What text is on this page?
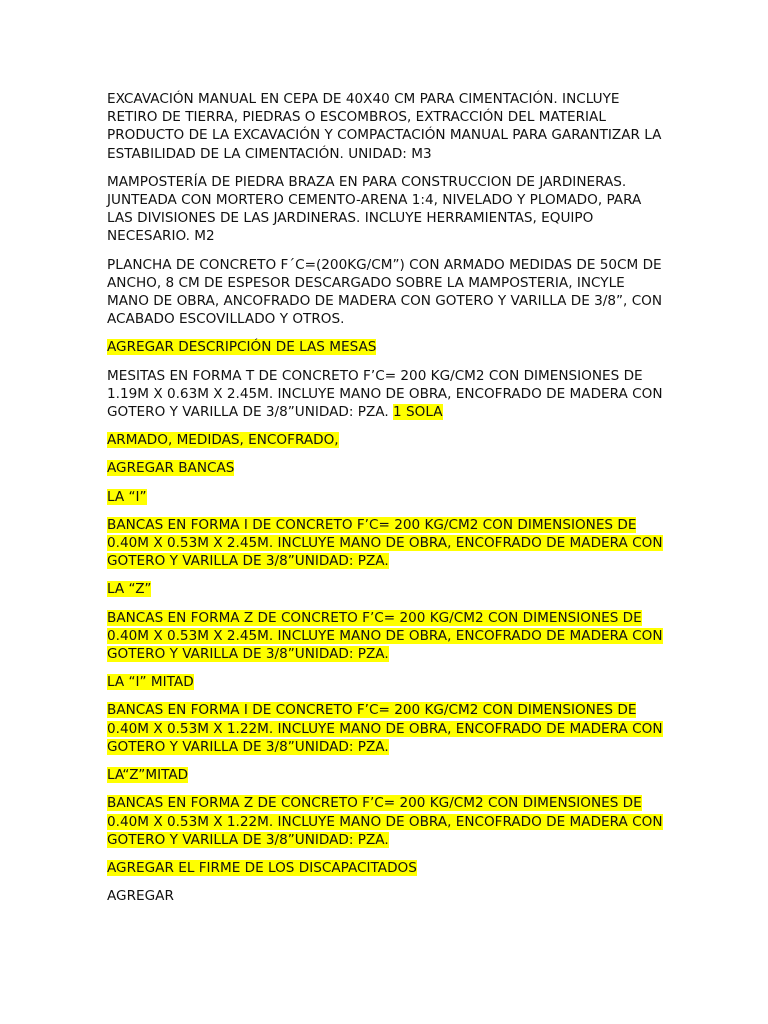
EXCAVACIÓN MANUAL EN CEPA DE 40X40 CM PARA CIMENTACIÓN. INCLUYE RETIRO DE TIERRA, PIEDRAS O ESCOMBROS, EXTRACCIÓN DEL MATERIAL PRODUCTO DE LA EXCAVACIÓN Y COMPACTACIÓN MANUAL PARA GARANTIZAR LA ESTABILIDAD DE LA CIMENTACIÓN. UNIDAD: M3

MAMPOSTERÍA DE PIEDRA BRAZA EN PARA CONSTRUCCION DE JARDINERAS. JUNTEADA CON MORTERO CEMENTO-ARENA 1:4, NIVELADO Y PLOMADO, PARA LAS DIVISIONES DE LAS JARDINERAS. INCLUYE HERRAMIENTAS, EQUIPO NECESARIO. M2

PLANCHA DE CONCRETO F´C=(200KG/CM”) CON ARMADO MEDIDAS DE 50CM DE ANCHO, 8 CM DE ESPESOR DESCARGADO SOBRE LA MAMPOSTERIA, INCYLE MANO DE OBRA, ANCOFRADO DE MADERA CON GOTERO Y VARILLA DE 3/8”, CON ACABADO ESCOVILLADO Y OTROS.

AGREGAR DESCRIPCIÓN DE LAS MESAS

MESITAS EN FORMA T DE CONCRETO F’C= 200 KG/CM2 CON DIMENSIONES DE 1.19M X 0.63M X 2.45M. INCLUYE MANO DE OBRA, ENCOFRADO DE MADERA CON GOTERO Y VARILLA DE 3/8”UNIDAD: PZA. 1 SOLA

ARMADO, MEDIDAS, ENCOFRADO,

AGREGAR BANCAS

LA “I”

BANCAS EN FORMA I DE CONCRETO F’C= 200 KG/CM2 CON DIMENSIONES DE 0.40M X 0.53M X 2.45M. INCLUYE MANO DE OBRA, ENCOFRADO DE MADERA CON GOTERO Y VARILLA DE 3/8”UNIDAD: PZA.

LA “Z”

BANCAS EN FORMA Z DE CONCRETO F’C= 200 KG/CM2 CON DIMENSIONES DE 0.40M X 0.53M X 2.45M. INCLUYE MANO DE OBRA, ENCOFRADO DE MADERA CON GOTERO Y VARILLA DE 3/8”UNIDAD: PZA.

LA “I” MITAD

BANCAS EN FORMA I DE CONCRETO F’C= 200 KG/CM2 CON DIMENSIONES DE 0.40M X 0.53M X 1.22M. INCLUYE MANO DE OBRA, ENCOFRADO DE MADERA CON GOTERO Y VARILLA DE 3/8”UNIDAD: PZA.

LA“Z”MITAD

BANCAS EN FORMA Z DE CONCRETO F’C= 200 KG/CM2 CON DIMENSIONES DE 0.40M X 0.53M X 1.22M. INCLUYE MANO DE OBRA, ENCOFRADO DE MADERA CON GOTERO Y VARILLA DE 3/8”UNIDAD: PZA.

AGREGAR EL FIRME DE LOS DISCAPACITADOS

AGREGAR
